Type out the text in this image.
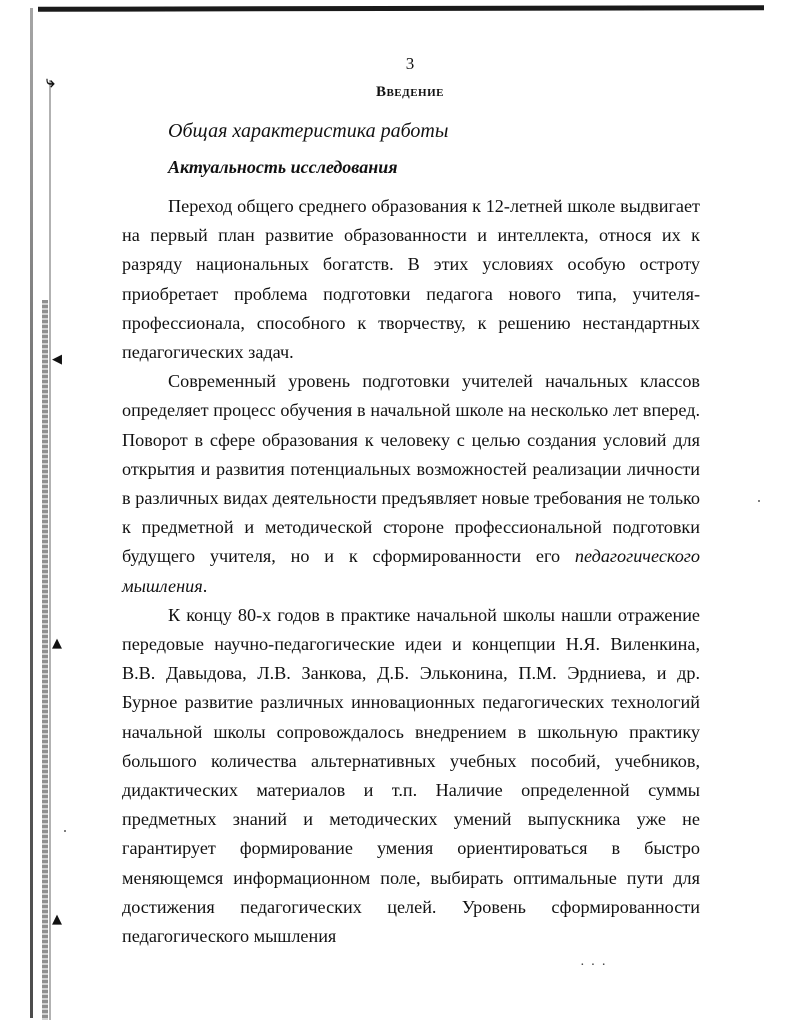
⤷
◀
▲
▲
3
Введение
Общая характеристика работы
Актуальность исследования

Переход общего среднего образования к 12-летней школе выдвигает на первый план развитие образованности и интеллекта, относя их к разряду национальных богатств. В этих условиях особую остроту приобретает проблема подготовки педагога нового типа, учителя-профессионала, способного к творчеству, к решению нестандартных педагогических задач.

Современный уровень подготовки учителей начальных классов определяет процесс обучения в начальной школе на несколько лет вперед. Поворот в сфере образования к человеку с целью создания условий для открытия и развития потенциальных возможностей реализации личности в различных видах деятельности предъявляет новые требования не только к предметной и методической стороне профессиональной подготовки будущего учителя, но и к сформированности его педагогического мышления.

К концу 80-х годов в практике начальной школы нашли отражение передовые научно-педагогические идеи и концепции Н.Я. Виленкина, В.В. Давыдова, Л.В. Занкова, Д.Б. Эльконина, П.М. Эрдниева, и др. Бурное развитие различных инновационных педагогических технологий начальной школы сопровождалось внедрением в школьную практику большого количества альтернативных учебных пособий, учебников, дидактических материалов и т.п. Наличие определенной суммы предметных знаний и методических умений выпускника уже не гарантирует формирование умения ориентироваться в быстро меняющемся информационном поле, выбирать оптимальные пути для достижения педагогических целей. Уровень сформированности педагогического мышления

···
